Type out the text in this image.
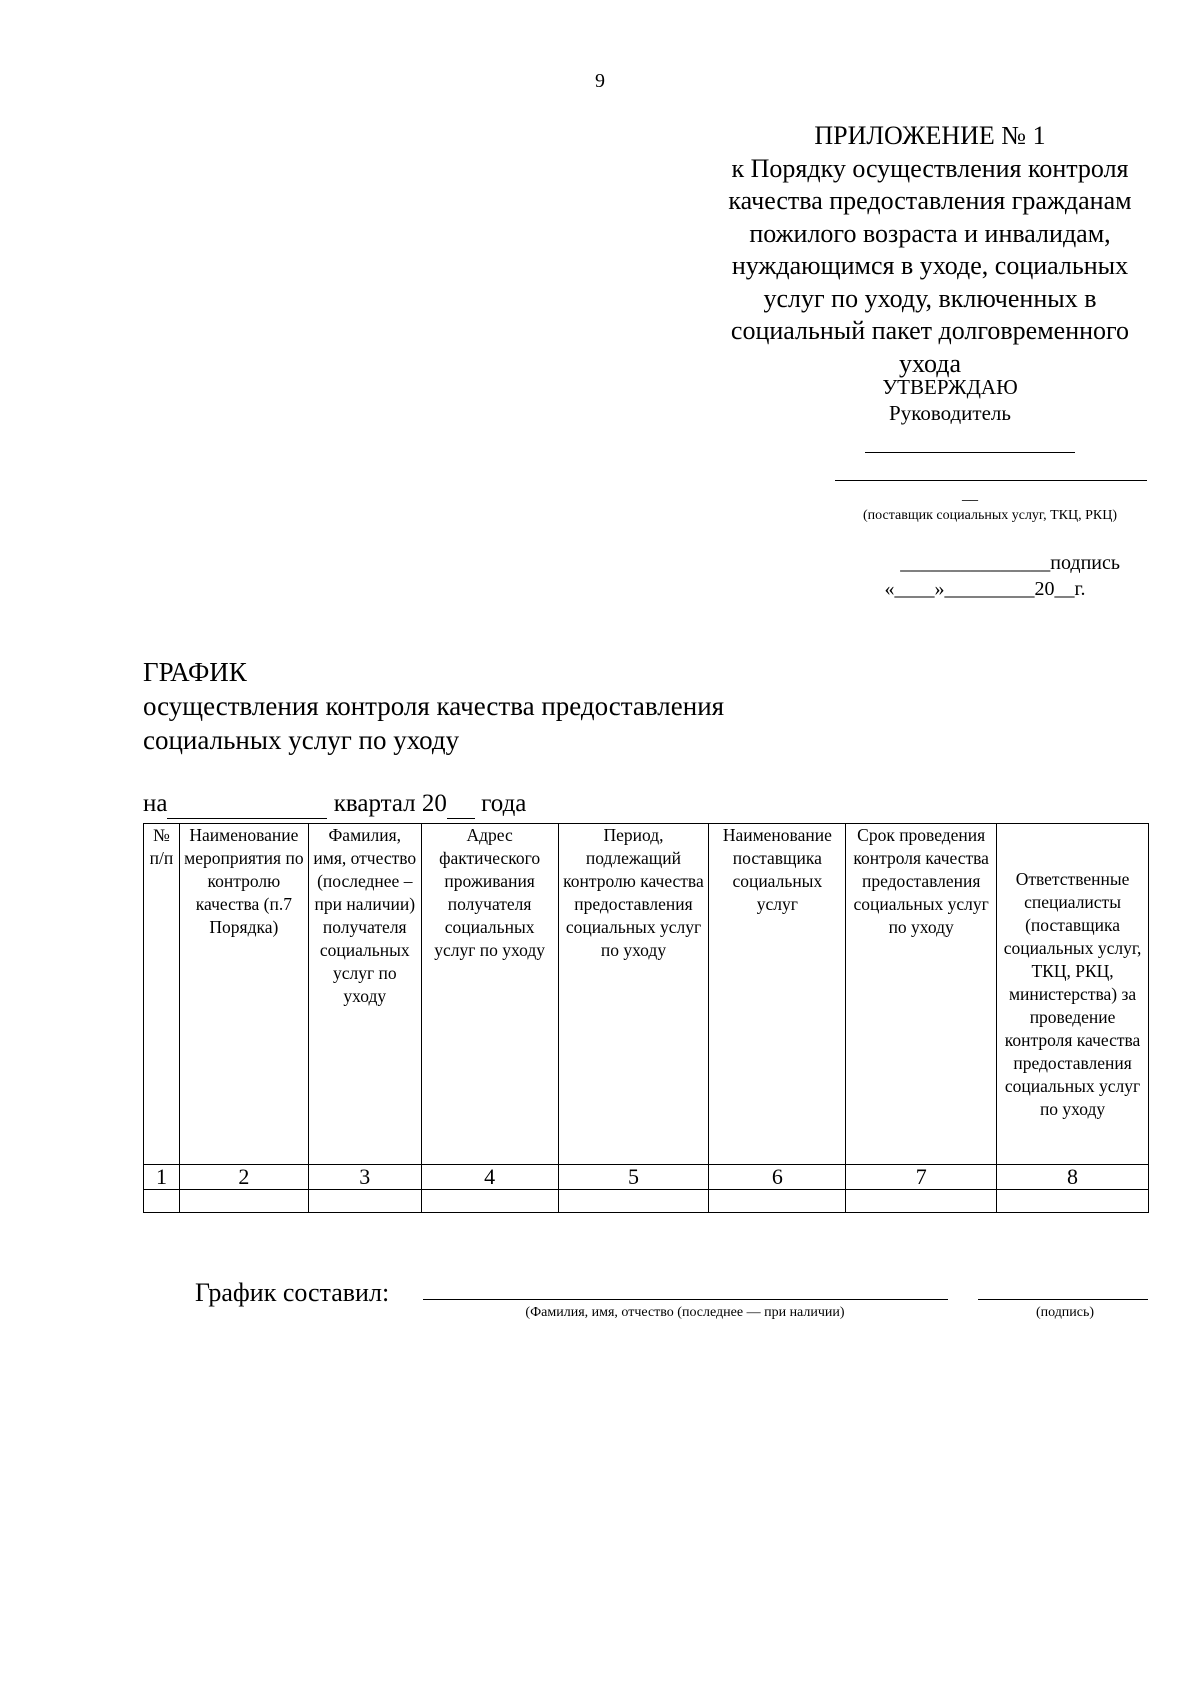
9
ПРИЛОЖЕНИЕ № 1
к Порядку осуществления контроля
качества предоставления гражданам
пожилого возраста и инвалидам,
нуждающимся в уходе, социальных
услуг по уходу, включенных в
социальный пакет долговременного
ухода
УТВЕРЖДАЮ
Руководитель
__
(поставщик социальных услуг, ТКЦ, РКЦ)
_______________подпись
«____»_________20__г.
ГРАФИК
осуществления контроля качества предоставления
социальных услуг по уходу
на	квартал 20  года
№ п/п	Наименование мероприятия по контролю качества (п.7 Порядка)	Фамилия, имя, отчество (последнее – при наличии) получателя социальных услуг по уходу	Адрес фактического проживания получателя социальных услуг по уходу	Период, подлежащий контролю качества предоставления социальных услуг по уходу	Наименование поставщика социальных услуг	Срок проведения контроля качества предоставления социальных услуг по уходу	Ответственные специалисты (поставщика социальных услуг, ТКЦ, РКЦ, министерства) за проведение контроля качества предоставления социальных услуг по уходу
1	2	3	4	5	6	7	8

График составил:
(Фамилия, имя, отчество (последнее — при наличии)	(подпись)
